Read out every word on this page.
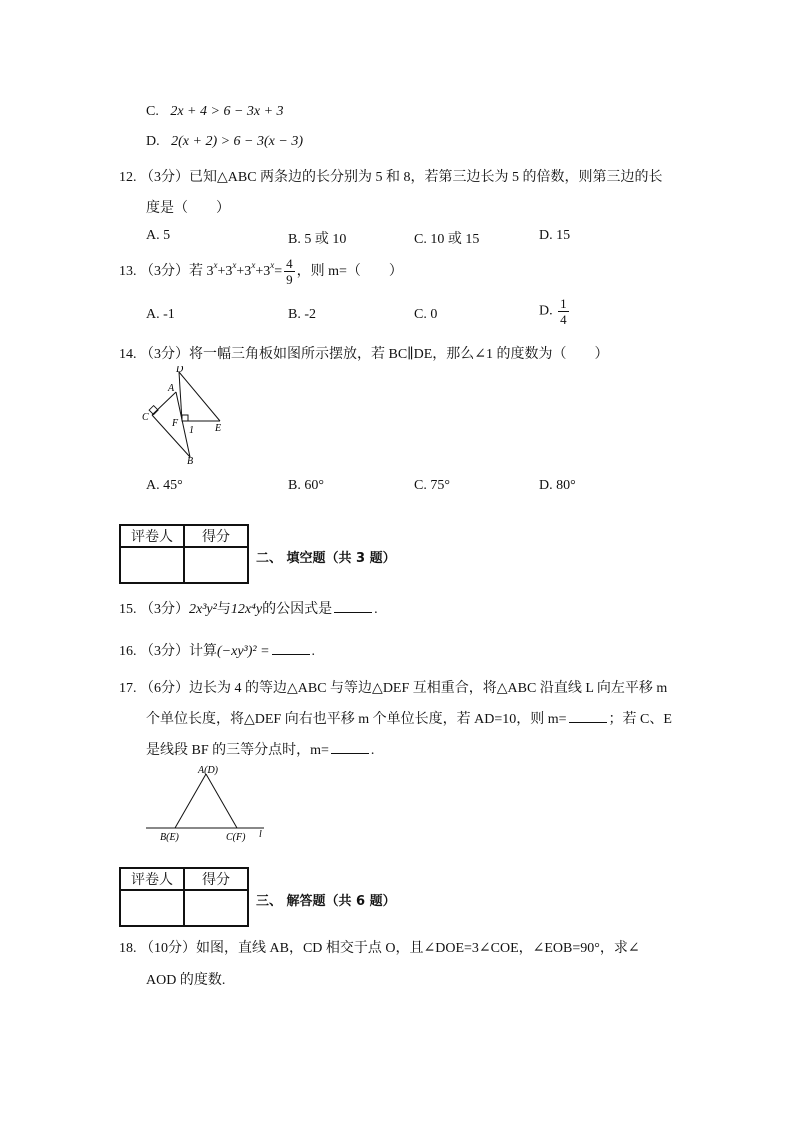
C. 2x + 4 > 6 − 3x + 3
D. 2(x + 2) > 6 − 3(x − 3)
12. （3分）已知△ABC 两条边的长分别为 5 和 8，若第三边长为 5 的倍数，则第三边的长
度是（　　）
A. 5	B. 5 或 10	C. 10 或 15	D. 15
13. （3分）若 $3^x+3^x+3^x+3^x= \frac{4}{9}$ ，则 m=（　　）
A. -1	B. -2	C. 0	D. $\frac{1}{4}$
14. （3分）将一幅三角板如图所示摆放，若 BC∥DE，那么∠1 的度数为（　　）
D
A
C
F
1 E
B
A. 45°	B. 60°	C. 75°	D. 80°
评卷人	得分

二、 填空题（共 3 题）
15. （3分）2x³y²与12x⁴y的公因式是	.
16. （3分）计算(−xy³)² =	.
17. （6分）边长为 4 的等边△ABC 与等边△DEF 互相重合，将△ABC 沿直线 L 向左平移 m
个单位长度，将△DEF 向右也平移 m 个单位长度，若 AD=10，则 m=	；若 C、E
是线段 BF 的三等分点时，m=	.
A(D)
B(E)	C(F) l
评卷人	得分

三、 解答题（共 6 题）
18. （10分）如图，直线 AB，CD 相交于点 O，且∠DOE=3∠COE，∠EOB=90°，求∠
AOD 的度数.
